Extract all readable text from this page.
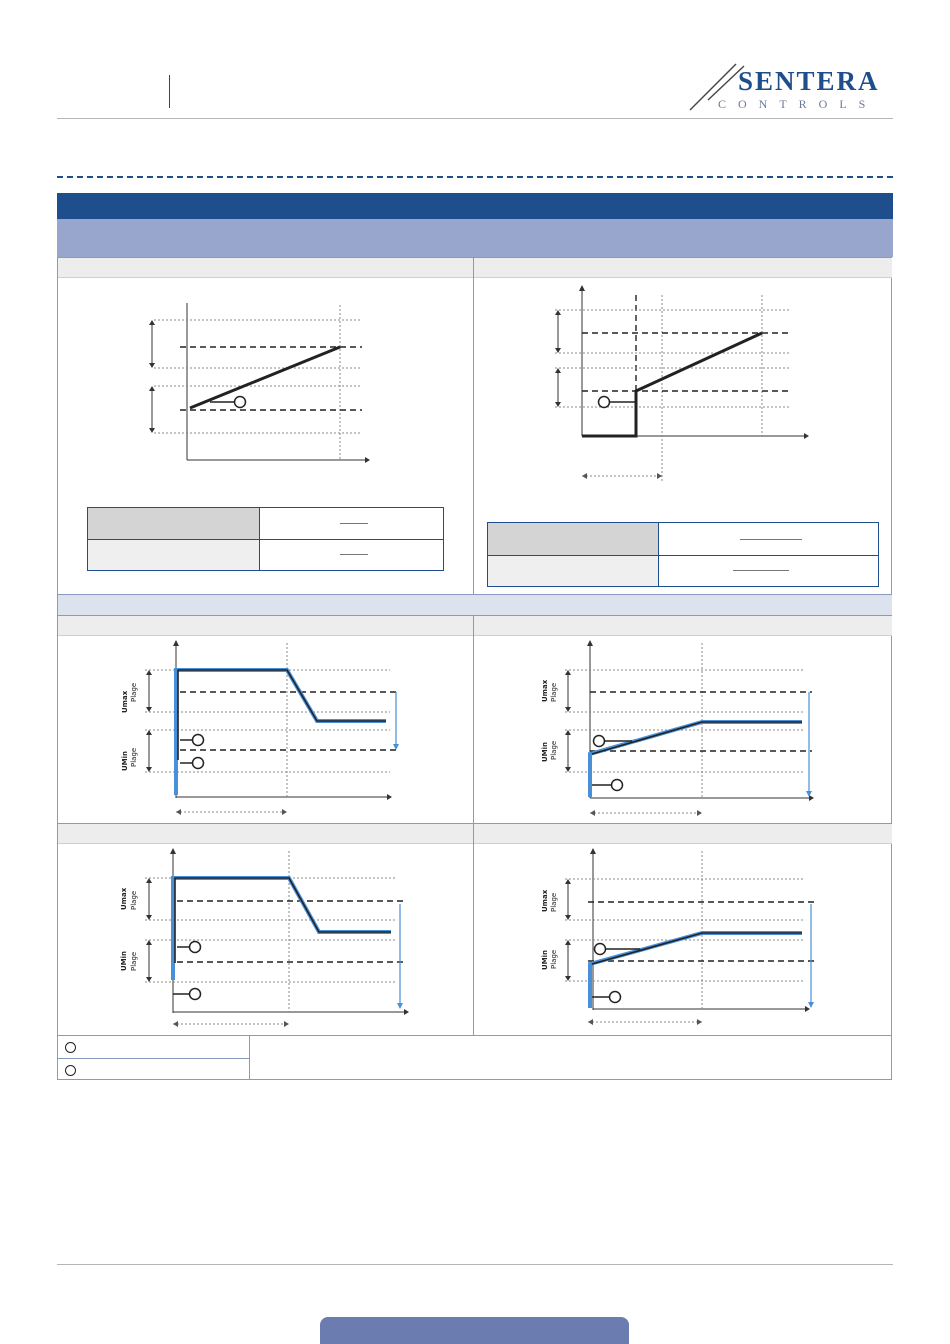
SENTERA
CONTROLS
Umax Plage
UMin Plage
Umax Plage
UMin Plage
Umax Plage
UMin Plage
Umax Plage
UMin Plage
